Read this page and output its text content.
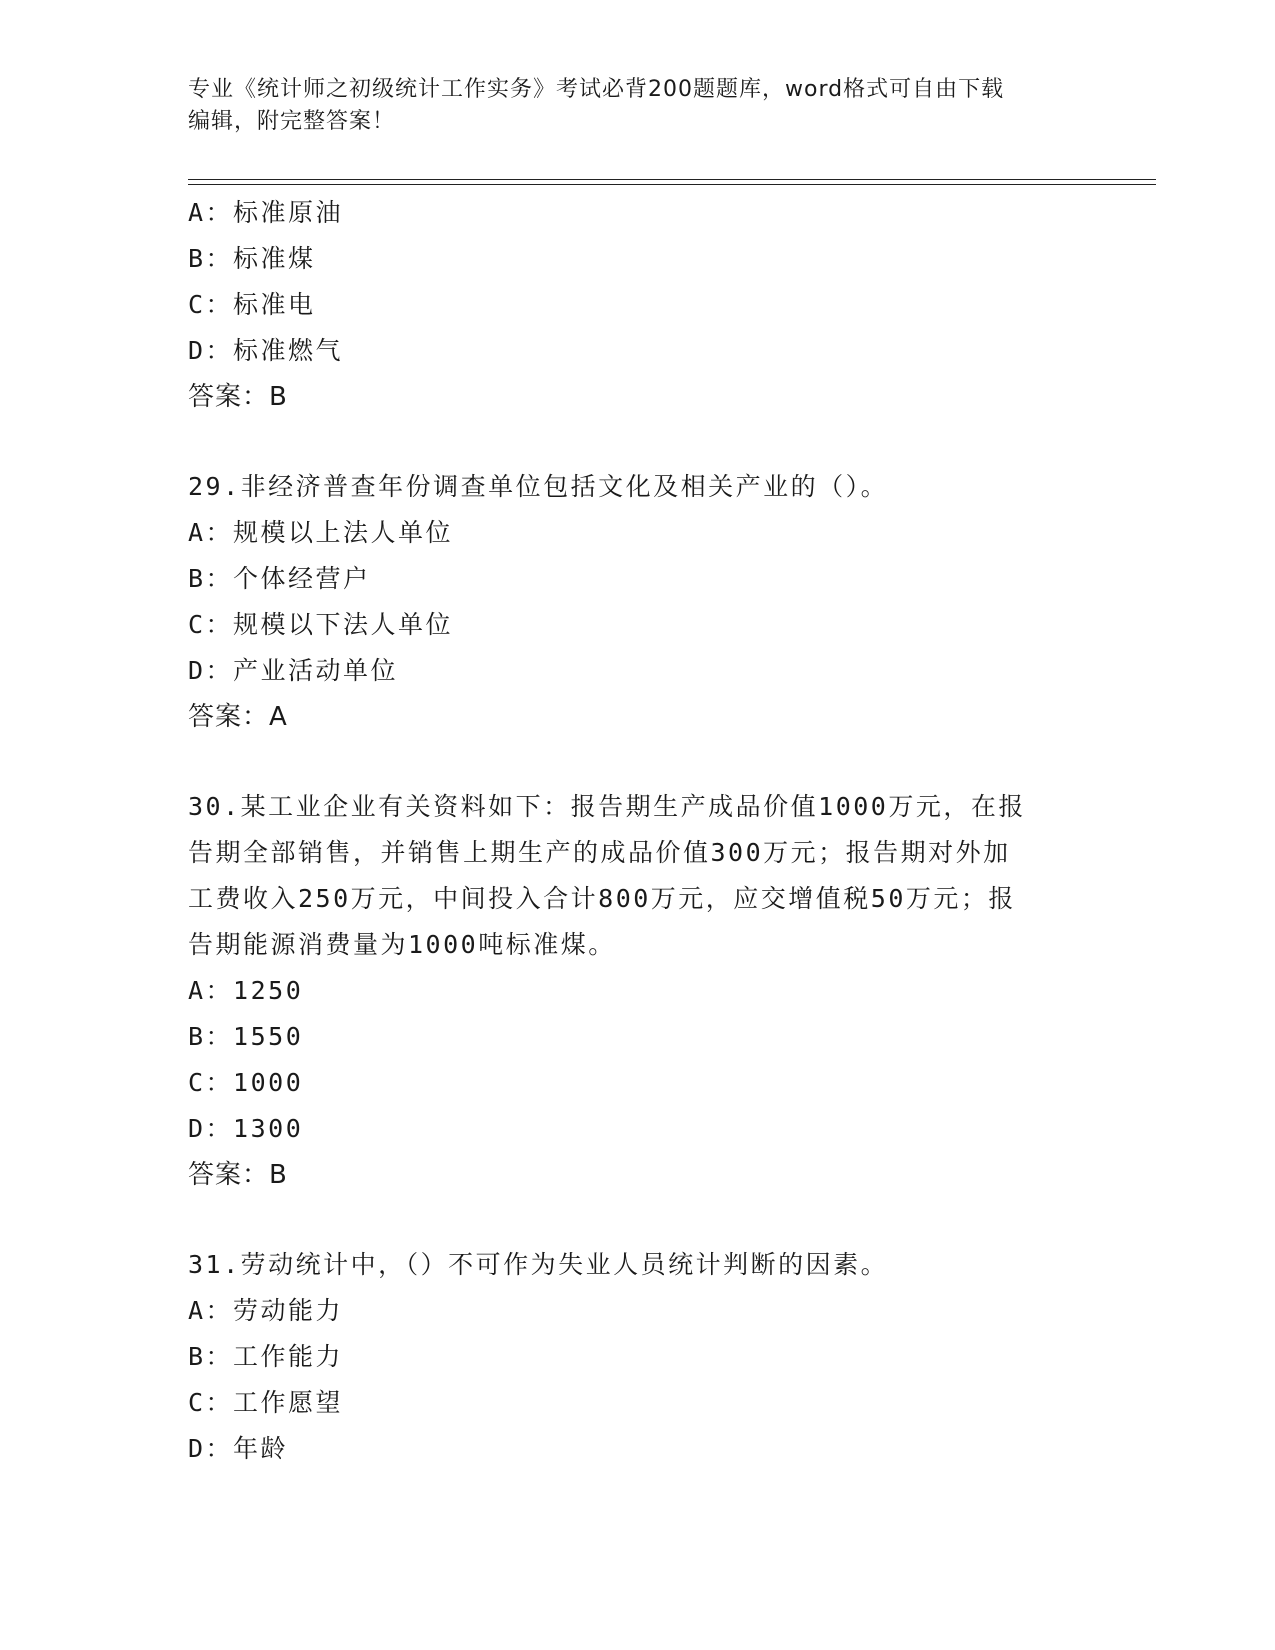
专业《统计师之初级统计工作实务》考试必背200题题库，word格式可自由下载
编辑，附完整答案！
A：标准原油
B：标准煤
C：标准电
D：标准燃气
答案：B
29.非经济普查年份调查单位包括文化及相关产业的（）。
A：规模以上法人单位
B：个体经营户
C：规模以下法人单位
D：产业活动单位
答案：A
30.某工业企业有关资料如下：报告期生产成品价值1000万元，在报
告期全部销售，并销售上期生产的成品价值300万元；报告期对外加
工费收入250万元，中间投入合计800万元，应交增值税50万元；报
告期能源消费量为1000吨标准煤。
A：1250
B：1550
C：1000
D：1300
答案：B
31.劳动统计中，（）不可作为失业人员统计判断的因素。
A：劳动能力
B：工作能力
C：工作愿望
D：年龄
